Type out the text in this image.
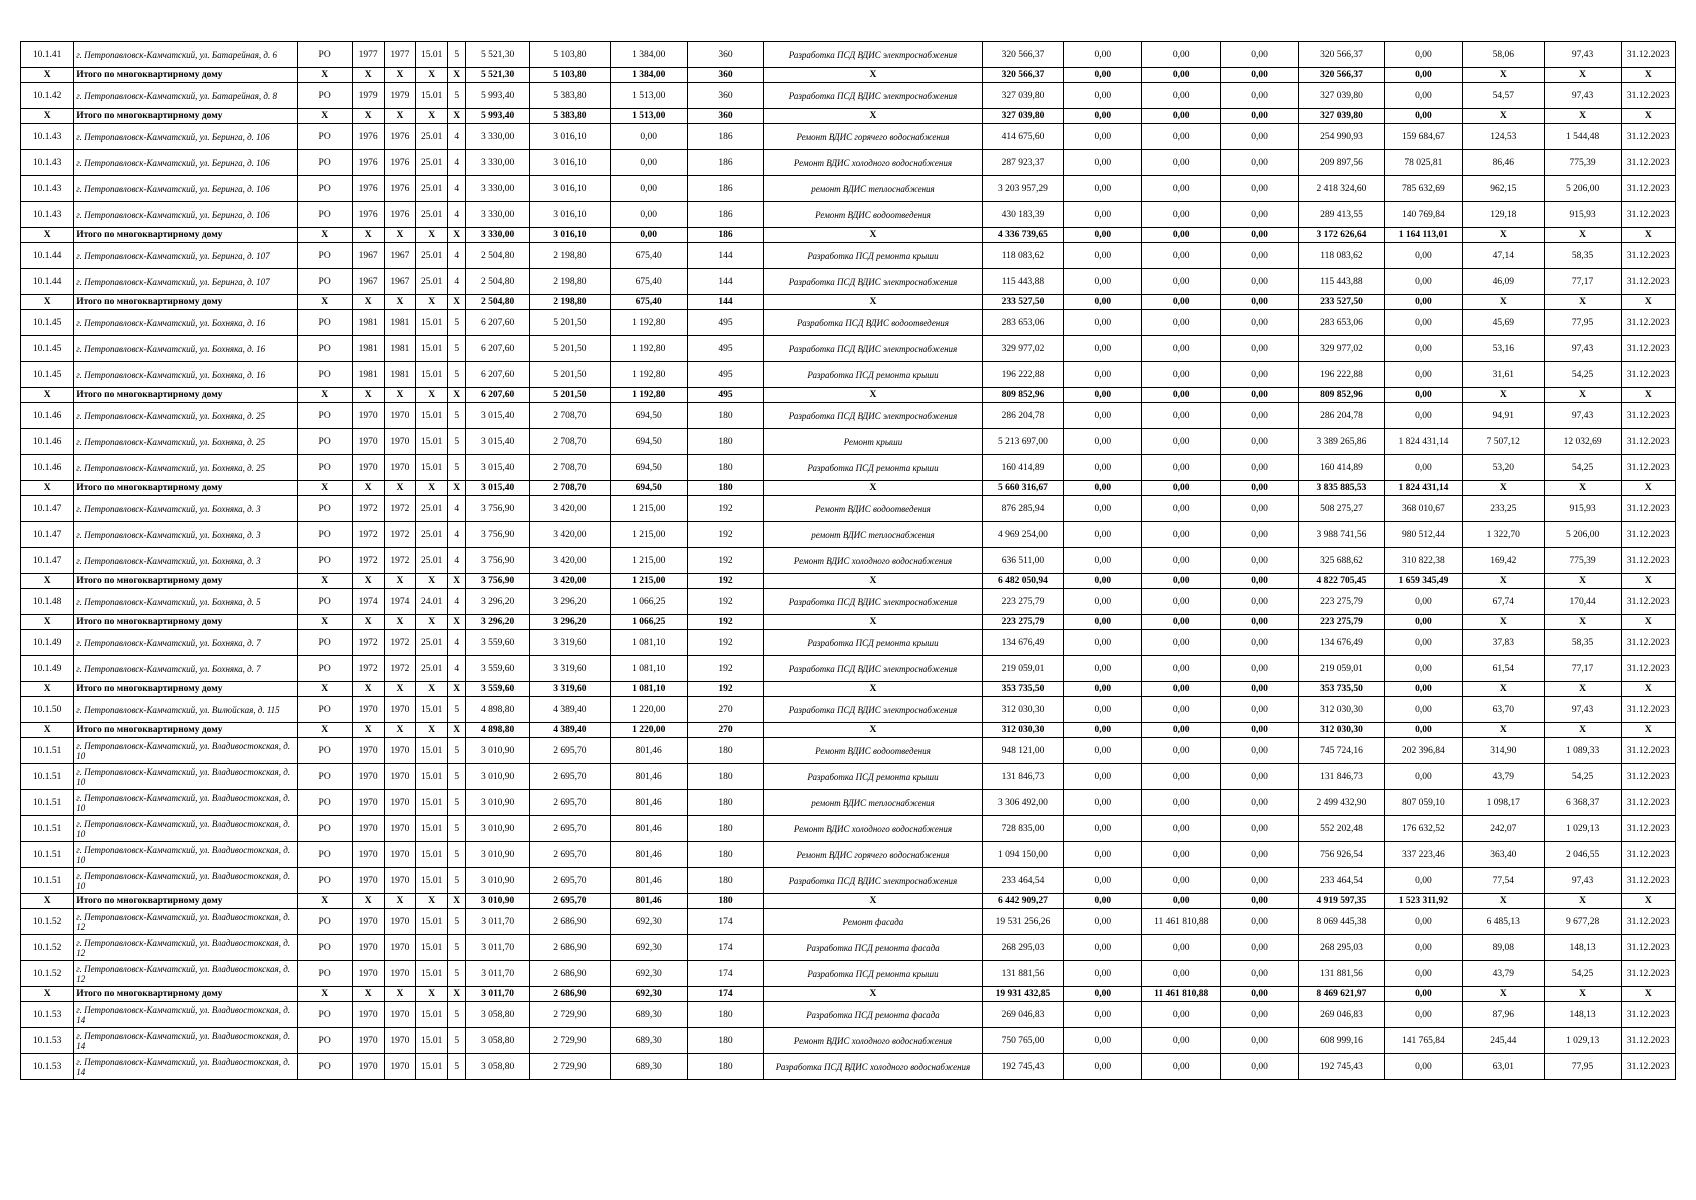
10.1.41	г. Петропавловск-Камчатский, ул. Батарейная, д. 6	РО	1977	1977	15.01	5	5 521,30	5 103,80	1 384,00	360	Разработка ПСД ВДИС электроснабжения	320 566,37	0,00	0,00	0,00	320 566,37	0,00	58,06	97,43	31.12.2023
X	Итого по многоквартирному дому	X	X	X	X	X	5 521,30	5 103,80	1 384,00	360	X	320 566,37	0,00	0,00	0,00	320 566,37	0,00	X	X	X
10.1.42	г. Петропавловск-Камчатский, ул. Батарейная, д. 8	РО	1979	1979	15.01	5	5 993,40	5 383,80	1 513,00	360	Разработка ПСД ВДИС электроснабжения	327 039,80	0,00	0,00	0,00	327 039,80	0,00	54,57	97,43	31.12.2023
X	Итого по многоквартирному дому	X	X	X	X	X	5 993,40	5 383,80	1 513,00	360	X	327 039,80	0,00	0,00	0,00	327 039,80	0,00	X	X	X
10.1.43	г. Петропавловск-Камчатский, ул. Беринга, д. 106	РО	1976	1976	25.01	4	3 330,00	3 016,10	0,00	186	Ремонт ВДИС горячего водоснабжения	414 675,60	0,00	0,00	0,00	254 990,93	159 684,67	124,53	1 544,48	31.12.2023
10.1.43	г. Петропавловск-Камчатский, ул. Беринга, д. 106	РО	1976	1976	25.01	4	3 330,00	3 016,10	0,00	186	Ремонт ВДИС холодного водоснабжения	287 923,37	0,00	0,00	0,00	209 897,56	78 025,81	86,46	775,39	31.12.2023
10.1.43	г. Петропавловск-Камчатский, ул. Беринга, д. 106	РО	1976	1976	25.01	4	3 330,00	3 016,10	0,00	186	ремонт ВДИС теплоснабжения	3 203 957,29	0,00	0,00	0,00	2 418 324,60	785 632,69	962,15	5 206,00	31.12.2023
10.1.43	г. Петропавловск-Камчатский, ул. Беринга, д. 106	РО	1976	1976	25.01	4	3 330,00	3 016,10	0,00	186	Ремонт ВДИС водоотведения	430 183,39	0,00	0,00	0,00	289 413,55	140 769,84	129,18	915,93	31.12.2023
X	Итого по многоквартирному дому	X	X	X	X	X	3 330,00	3 016,10	0,00	186	X	4 336 739,65	0,00	0,00	0,00	3 172 626,64	1 164 113,01	X	X	X
10.1.44	г. Петропавловск-Камчатский, ул. Беринга, д. 107	РО	1967	1967	25.01	4	2 504,80	2 198,80	675,40	144	Разработка ПСД ремонта крыши	118 083,62	0,00	0,00	0,00	118 083,62	0,00	47,14	58,35	31.12.2023
10.1.44	г. Петропавловск-Камчатский, ул. Беринга, д. 107	РО	1967	1967	25.01	4	2 504,80	2 198,80	675,40	144	Разработка ПСД ВДИС электроснабжения	115 443,88	0,00	0,00	0,00	115 443,88	0,00	46,09	77,17	31.12.2023
X	Итого по многоквартирному дому	X	X	X	X	X	2 504,80	2 198,80	675,40	144	X	233 527,50	0,00	0,00	0,00	233 527,50	0,00	X	X	X
10.1.45	г. Петропавловск-Камчатский, ул. Бохняка, д. 16	РО	1981	1981	15.01	5	6 207,60	5 201,50	1 192,80	495	Разработка ПСД ВДИС водоотведения	283 653,06	0,00	0,00	0,00	283 653,06	0,00	45,69	77,95	31.12.2023
10.1.45	г. Петропавловск-Камчатский, ул. Бохняка, д. 16	РО	1981	1981	15.01	5	6 207,60	5 201,50	1 192,80	495	Разработка ПСД ВДИС электроснабжения	329 977,02	0,00	0,00	0,00	329 977,02	0,00	53,16	97,43	31.12.2023
10.1.45	г. Петропавловск-Камчатский, ул. Бохняка, д. 16	РО	1981	1981	15.01	5	6 207,60	5 201,50	1 192,80	495	Разработка ПСД ремонта крыши	196 222,88	0,00	0,00	0,00	196 222,88	0,00	31,61	54,25	31.12.2023
X	Итого по многоквартирному дому	X	X	X	X	X	6 207,60	5 201,50	1 192,80	495	X	809 852,96	0,00	0,00	0,00	809 852,96	0,00	X	X	X
10.1.46	г. Петропавловск-Камчатский, ул. Бохняка, д. 25	РО	1970	1970	15.01	5	3 015,40	2 708,70	694,50	180	Разработка ПСД ВДИС электроснабжения	286 204,78	0,00	0,00	0,00	286 204,78	0,00	94,91	97,43	31.12.2023
10.1.46	г. Петропавловск-Камчатский, ул. Бохняка, д. 25	РО	1970	1970	15.01	5	3 015,40	2 708,70	694,50	180	Ремонт крыши	5 213 697,00	0,00	0,00	0,00	3 389 265,86	1 824 431,14	7 507,12	12 032,69	31.12.2023
10.1.46	г. Петропавловск-Камчатский, ул. Бохняка, д. 25	РО	1970	1970	15.01	5	3 015,40	2 708,70	694,50	180	Разработка ПСД ремонта крыши	160 414,89	0,00	0,00	0,00	160 414,89	0,00	53,20	54,25	31.12.2023
X	Итого по многоквартирному дому	X	X	X	X	X	3 015,40	2 708,70	694,50	180	X	5 660 316,67	0,00	0,00	0,00	3 835 885,53	1 824 431,14	X	X	X
10.1.47	г. Петропавловск-Камчатский, ул. Бохняка, д. 3	РО	1972	1972	25.01	4	3 756,90	3 420,00	1 215,00	192	Ремонт ВДИС водоотведения	876 285,94	0,00	0,00	0,00	508 275,27	368 010,67	233,25	915,93	31.12.2023
10.1.47	г. Петропавловск-Камчатский, ул. Бохняка, д. 3	РО	1972	1972	25.01	4	3 756,90	3 420,00	1 215,00	192	ремонт ВДИС теплоснабжения	4 969 254,00	0,00	0,00	0,00	3 988 741,56	980 512,44	1 322,70	5 206,00	31.12.2023
10.1.47	г. Петропавловск-Камчатский, ул. Бохняка, д. 3	РО	1972	1972	25.01	4	3 756,90	3 420,00	1 215,00	192	Ремонт ВДИС холодного водоснабжения	636 511,00	0,00	0,00	0,00	325 688,62	310 822,38	169,42	775,39	31.12.2023
X	Итого по многоквартирному дому	X	X	X	X	X	3 756,90	3 420,00	1 215,00	192	X	6 482 050,94	0,00	0,00	0,00	4 822 705,45	1 659 345,49	X	X	X
10.1.48	г. Петропавловск-Камчатский, ул. Бохняка, д. 5	РО	1974	1974	24.01	4	3 296,20	3 296,20	1 066,25	192	Разработка ПСД ВДИС электроснабжения	223 275,79	0,00	0,00	0,00	223 275,79	0,00	67,74	170,44	31.12.2023
X	Итого по многоквартирному дому	X	X	X	X	X	3 296,20	3 296,20	1 066,25	192	X	223 275,79	0,00	0,00	0,00	223 275,79	0,00	X	X	X
10.1.49	г. Петропавловск-Камчатский, ул. Бохняка, д. 7	РО	1972	1972	25.01	4	3 559,60	3 319,60	1 081,10	192	Разработка ПСД ремонта крыши	134 676,49	0,00	0,00	0,00	134 676,49	0,00	37,83	58,35	31.12.2023
10.1.49	г. Петропавловск-Камчатский, ул. Бохняка, д. 7	РО	1972	1972	25.01	4	3 559,60	3 319,60	1 081,10	192	Разработка ПСД ВДИС электроснабжения	219 059,01	0,00	0,00	0,00	219 059,01	0,00	61,54	77,17	31.12.2023
X	Итого по многоквартирному дому	X	X	X	X	X	3 559,60	3 319,60	1 081,10	192	X	353 735,50	0,00	0,00	0,00	353 735,50	0,00	X	X	X
10.1.50	г. Петропавловск-Камчатский, ул. Вилюйская, д. 115	РО	1970	1970	15.01	5	4 898,80	4 389,40	1 220,00	270	Разработка ПСД ВДИС электроснабжения	312 030,30	0,00	0,00	0,00	312 030,30	0,00	63,70	97,43	31.12.2023
X	Итого по многоквартирному дому	X	X	X	X	X	4 898,80	4 389,40	1 220,00	270	X	312 030,30	0,00	0,00	0,00	312 030,30	0,00	X	X	X
10.1.51	г. Петропавловск-Камчатский, ул. Владивостокская, д. 10	РО	1970	1970	15.01	5	3 010,90	2 695,70	801,46	180	Ремонт ВДИС водоотведения	948 121,00	0,00	0,00	0,00	745 724,16	202 396,84	314,90	1 089,33	31.12.2023
10.1.51	г. Петропавловск-Камчатский, ул. Владивостокская, д. 10	РО	1970	1970	15.01	5	3 010,90	2 695,70	801,46	180	Разработка ПСД ремонта крыши	131 846,73	0,00	0,00	0,00	131 846,73	0,00	43,79	54,25	31.12.2023
10.1.51	г. Петропавловск-Камчатский, ул. Владивостокская, д. 10	РО	1970	1970	15.01	5	3 010,90	2 695,70	801,46	180	ремонт ВДИС теплоснабжения	3 306 492,00	0,00	0,00	0,00	2 499 432,90	807 059,10	1 098,17	6 368,37	31.12.2023
10.1.51	г. Петропавловск-Камчатский, ул. Владивостокская, д. 10	РО	1970	1970	15.01	5	3 010,90	2 695,70	801,46	180	Ремонт ВДИС холодного водоснабжения	728 835,00	0,00	0,00	0,00	552 202,48	176 632,52	242,07	1 029,13	31.12.2023
10.1.51	г. Петропавловск-Камчатский, ул. Владивостокская, д. 10	РО	1970	1970	15.01	5	3 010,90	2 695,70	801,46	180	Ремонт ВДИС горячего водоснабжения	1 094 150,00	0,00	0,00	0,00	756 926,54	337 223,46	363,40	2 046,55	31.12.2023
10.1.51	г. Петропавловск-Камчатский, ул. Владивостокская, д. 10	РО	1970	1970	15.01	5	3 010,90	2 695,70	801,46	180	Разработка ПСД ВДИС электроснабжения	233 464,54	0,00	0,00	0,00	233 464,54	0,00	77,54	97,43	31.12.2023
X	Итого по многоквартирному дому	X	X	X	X	X	3 010,90	2 695,70	801,46	180	X	6 442 909,27	0,00	0,00	0,00	4 919 597,35	1 523 311,92	X	X	X
10.1.52	г. Петропавловск-Камчатский, ул. Владивостокская, д. 12	РО	1970	1970	15.01	5	3 011,70	2 686,90	692,30	174	Ремонт фасада	19 531 256,26	0,00	11 461 810,88	0,00	8 069 445,38	0,00	6 485,13	9 677,28	31.12.2023
10.1.52	г. Петропавловск-Камчатский, ул. Владивостокская, д. 12	РО	1970	1970	15.01	5	3 011,70	2 686,90	692,30	174	Разработка ПСД ремонта фасада	268 295,03	0,00	0,00	0,00	268 295,03	0,00	89,08	148,13	31.12.2023
10.1.52	г. Петропавловск-Камчатский, ул. Владивостокская, д. 12	РО	1970	1970	15.01	5	3 011,70	2 686,90	692,30	174	Разработка ПСД ремонта крыши	131 881,56	0,00	0,00	0,00	131 881,56	0,00	43,79	54,25	31.12.2023
X	Итого по многоквартирному дому	X	X	X	X	X	3 011,70	2 686,90	692,30	174	X	19 931 432,85	0,00	11 461 810,88	0,00	8 469 621,97	0,00	X	X	X
10.1.53	г. Петропавловск-Камчатский, ул. Владивостокская, д. 14	РО	1970	1970	15.01	5	3 058,80	2 729,90	689,30	180	Разработка ПСД ремонта фасада	269 046,83	0,00	0,00	0,00	269 046,83	0,00	87,96	148,13	31.12.2023
10.1.53	г. Петропавловск-Камчатский, ул. Владивостокская, д. 14	РО	1970	1970	15.01	5	3 058,80	2 729,90	689,30	180	Ремонт ВДИС холодного водоснабжения	750 765,00	0,00	0,00	0,00	608 999,16	141 765,84	245,44	1 029,13	31.12.2023
10.1.53	г. Петропавловск-Камчатский, ул. Владивостокская, д. 14	РО	1970	1970	15.01	5	3 058,80	2 729,90	689,30	180	Разработка ПСД ВДИС холодного водоснабжения	192 745,43	0,00	0,00	0,00	192 745,43	0,00	63,01	77,95	31.12.2023
